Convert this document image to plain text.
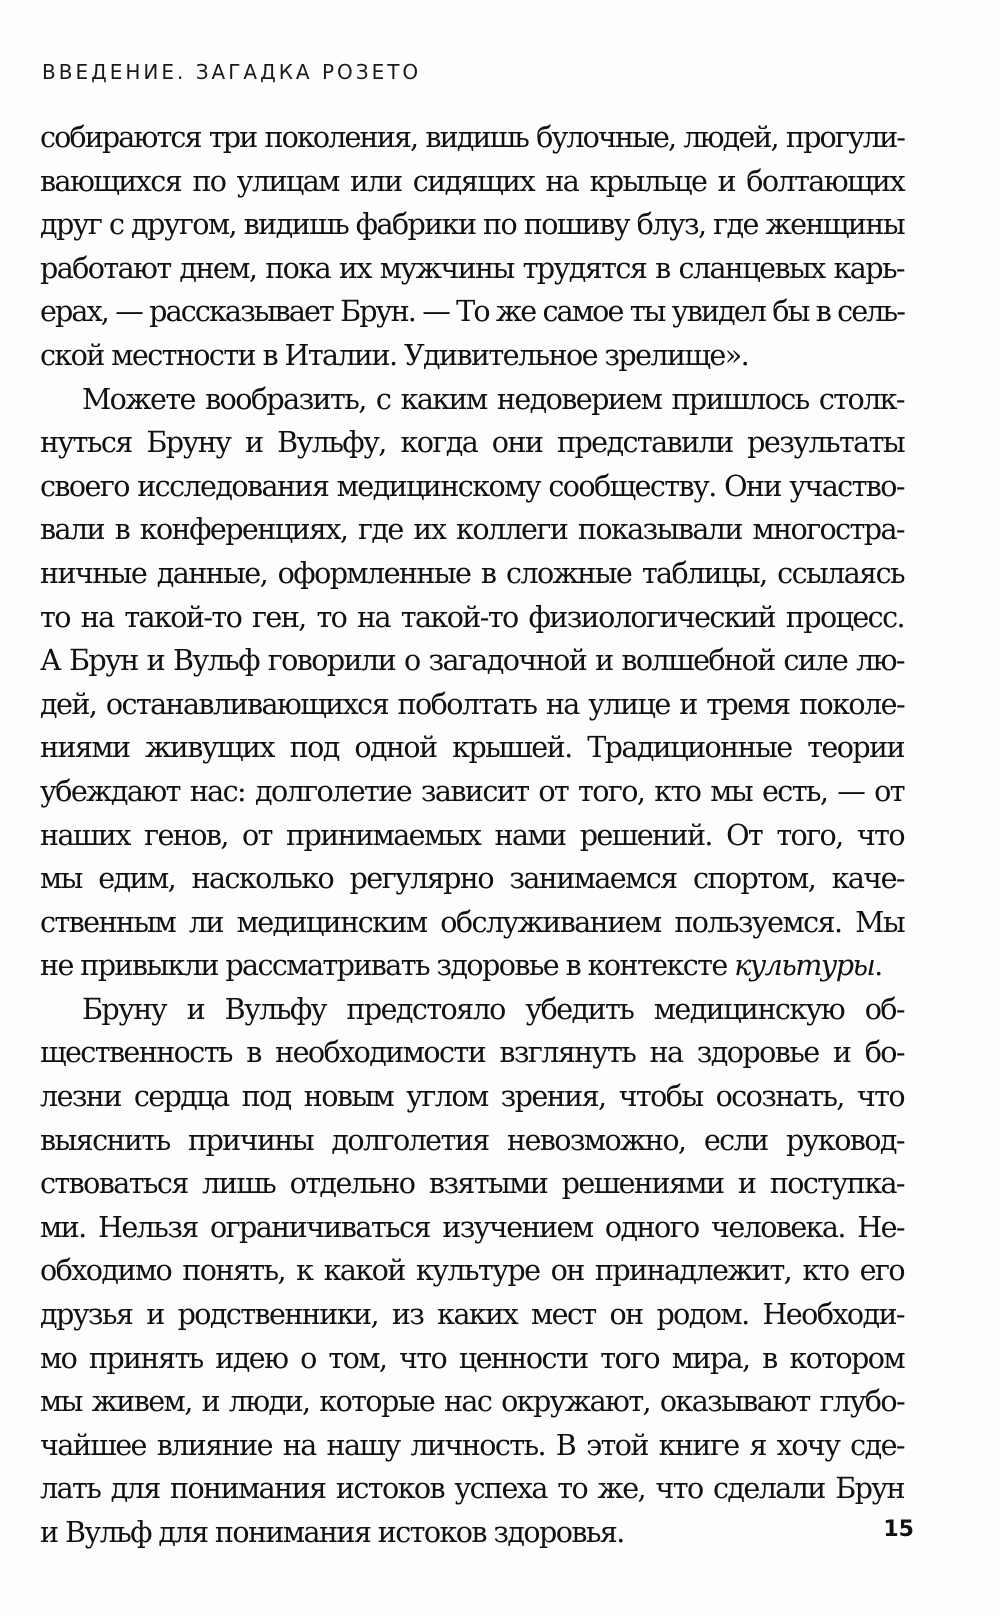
ВВЕДЕНИЕ. ЗАГАДКА РОЗЕТО
собираются три поколения, видишь булочные, людей, прогули-
вающихся по улицам или сидящих на крыльце и болтающих
друг с другом, видишь фабрики по пошиву блуз, где женщины
работают днем, пока их мужчины трудятся в сланцевых карь-
ерах, — рассказывает Брун. — То же самое ты увидел бы в сель-
ской местности в Италии. Удивительное зрелище».
Можете вообразить, с каким недоверием пришлось столк-
нуться Бруну и Вульфу, когда они представили результаты
своего исследования медицинскому сообществу. Они участво-
вали в конференциях, где их коллеги показывали многостра-
ничные данные, оформленные в сложные таблицы, ссылаясь
то на такой-то ген, то на такой-то физиологический процесс.
А Брун и Вульф говорили о загадочной и волшебной силе лю-
дей, останавливающихся поболтать на улице и тремя поколе-
ниями живущих под одной крышей. Традиционные теории
убеждают нас: долголетие зависит от того, кто мы есть, — от
наших генов, от принимаемых нами решений. От того, что
мы едим, насколько регулярно занимаемся спортом, каче-
ственным ли медицинским обслуживанием пользуемся. Мы
не привыкли рассматривать здоровье в контексте культуры.
Бруну и Вульфу предстояло убедить медицинскую об-
щественность в необходимости взглянуть на здоровье и бо-
лезни сердца под новым углом зрения, чтобы осознать, что
выяснить причины долголетия невозможно, если руковод-
ствоваться лишь отдельно взятыми решениями и поступка-
ми. Нельзя ограничиваться изучением одного человека. Не-
обходимо понять, к какой культуре он принадлежит, кто его
друзья и родственники, из каких мест он родом. Необходи-
мо принять идею о том, что ценности того мира, в котором
мы живем, и люди, которые нас окружают, оказывают глубо-
чайшее влияние на нашу личность. В этой книге я хочу сде-
лать для понимания истоков успеха то же, что сделали Брун
и Вульф для понимания истоков здоровья.	15
